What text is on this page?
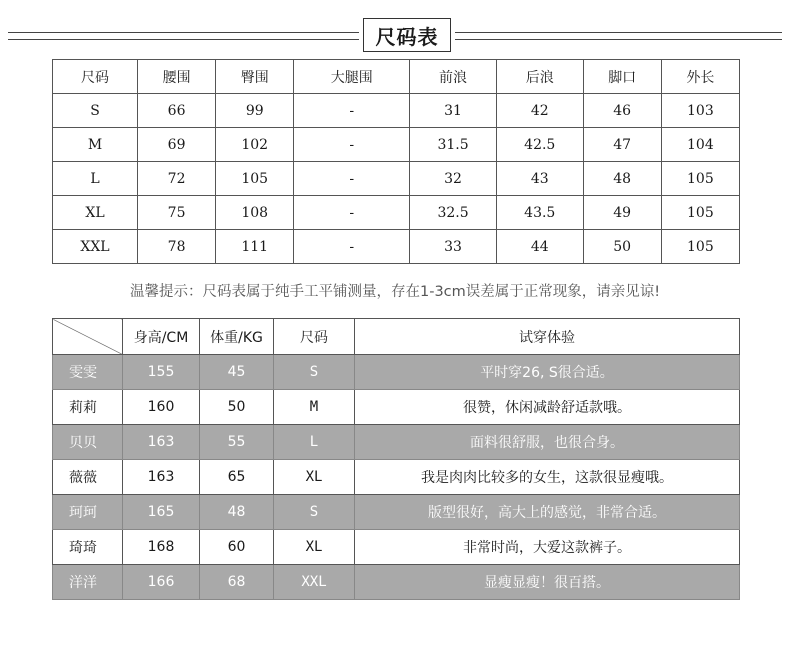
尺码表
尺码	腰围	臀围	大腿围	前浪	后浪	脚口	外长
S	66	99	-	31	42	46	103
M	69	102	-	31.5	42.5	47	104
L	72	105	-	32	43	48	105
XL	75	108	-	32.5	43.5	49	105
XXL	78	111	-	33	44	50	105
温馨提示：尺码表属于纯手工平铺测量，存在1-3cm误差属于正常现象，请亲见谅!
	身高/CM	体重/KG	尺码	试穿体验
雯雯	155	45	S	平时穿26, S很合适。
莉莉	160	50	M	很赞，休闲减龄舒适款哦。
贝贝	163	55	L	面料很舒服，也很合身。
薇薇	163	65	XL	我是肉肉比较多的女生，这款很显瘦哦。
珂珂	165	48	S	版型很好，高大上的感觉，非常合适。
琦琦	168	60	XL	非常时尚，大爱这款裤子。
洋洋	166	68	XXL	显瘦显瘦！很百搭。
